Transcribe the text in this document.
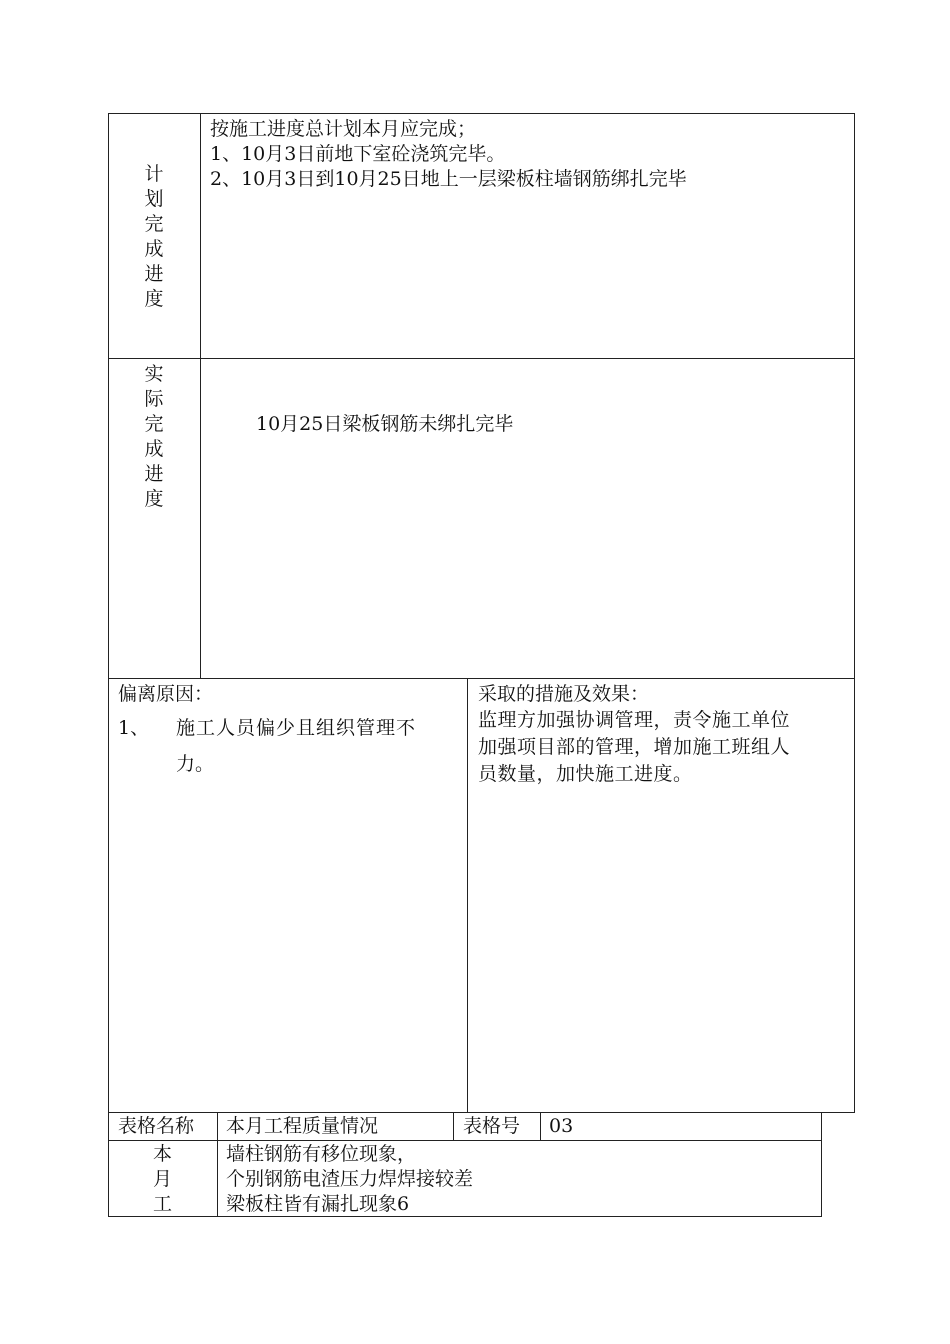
计
划
完
成
进
度
按施工进度总计划本月应完成；
1、10月3日前地下室砼浇筑完毕。
2、10月3日到10月25日地上一层梁板柱墙钢筋绑扎完毕
实
际
完
成
进
度
10月25日梁板钢筋未绑扎完毕
偏离原因：
1、 施工人员偏少且组织管理不
力。
采取的措施及效果：
监理方加强协调管理，责令施工单位
加强项目部的管理，增加施工班组人
员数量，加快施工进度。
表格名称 本月工程质量情况	表格号 03
本
月
工
墙柱钢筋有移位现象，
个别钢筋电渣压力焊焊接较差
梁板柱皆有漏扎现象6
